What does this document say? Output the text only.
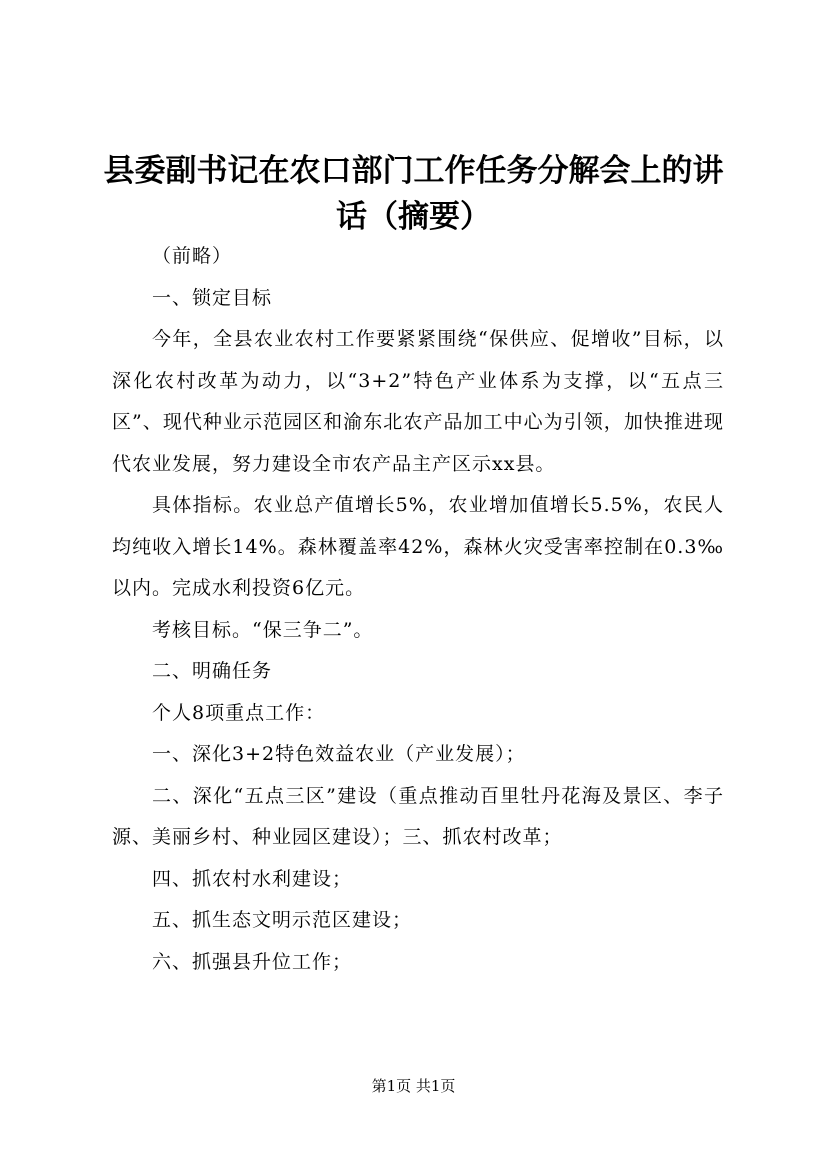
县委副书记在农口部门工作任务分解会上的讲话（摘要）

（前略）

一、锁定目标

今年，全县农业农村工作要紧紧围绕“保供应、促增收”目标，以深化农村改革为动力，以“3+2”特色产业体系为支撑，以“五点三区”、现代种业示范园区和渝东北农产品加工中心为引领，加快推进现代农业发展，努力建设全市农产品主产区示xx县。

具体指标。农业总产值增长5%，农业增加值增长5.5%，农民人均纯收入增长14%。森林覆盖率42%，森林火灾受害率控制在0.3‰以内。完成水利投资6亿元。

考核目标。“保三争二”。

二、明确任务

个人8项重点工作：

一、深化3+2特色效益农业（产业发展）；

二、深化“五点三区”建设（重点推动百里牡丹花海及景区、李子源、美丽乡村、种业园区建设）；三、抓农村改革；

四、抓农村水利建设；

五、抓生态文明示范区建设；

六、抓强县升位工作；

第1页 共1页
